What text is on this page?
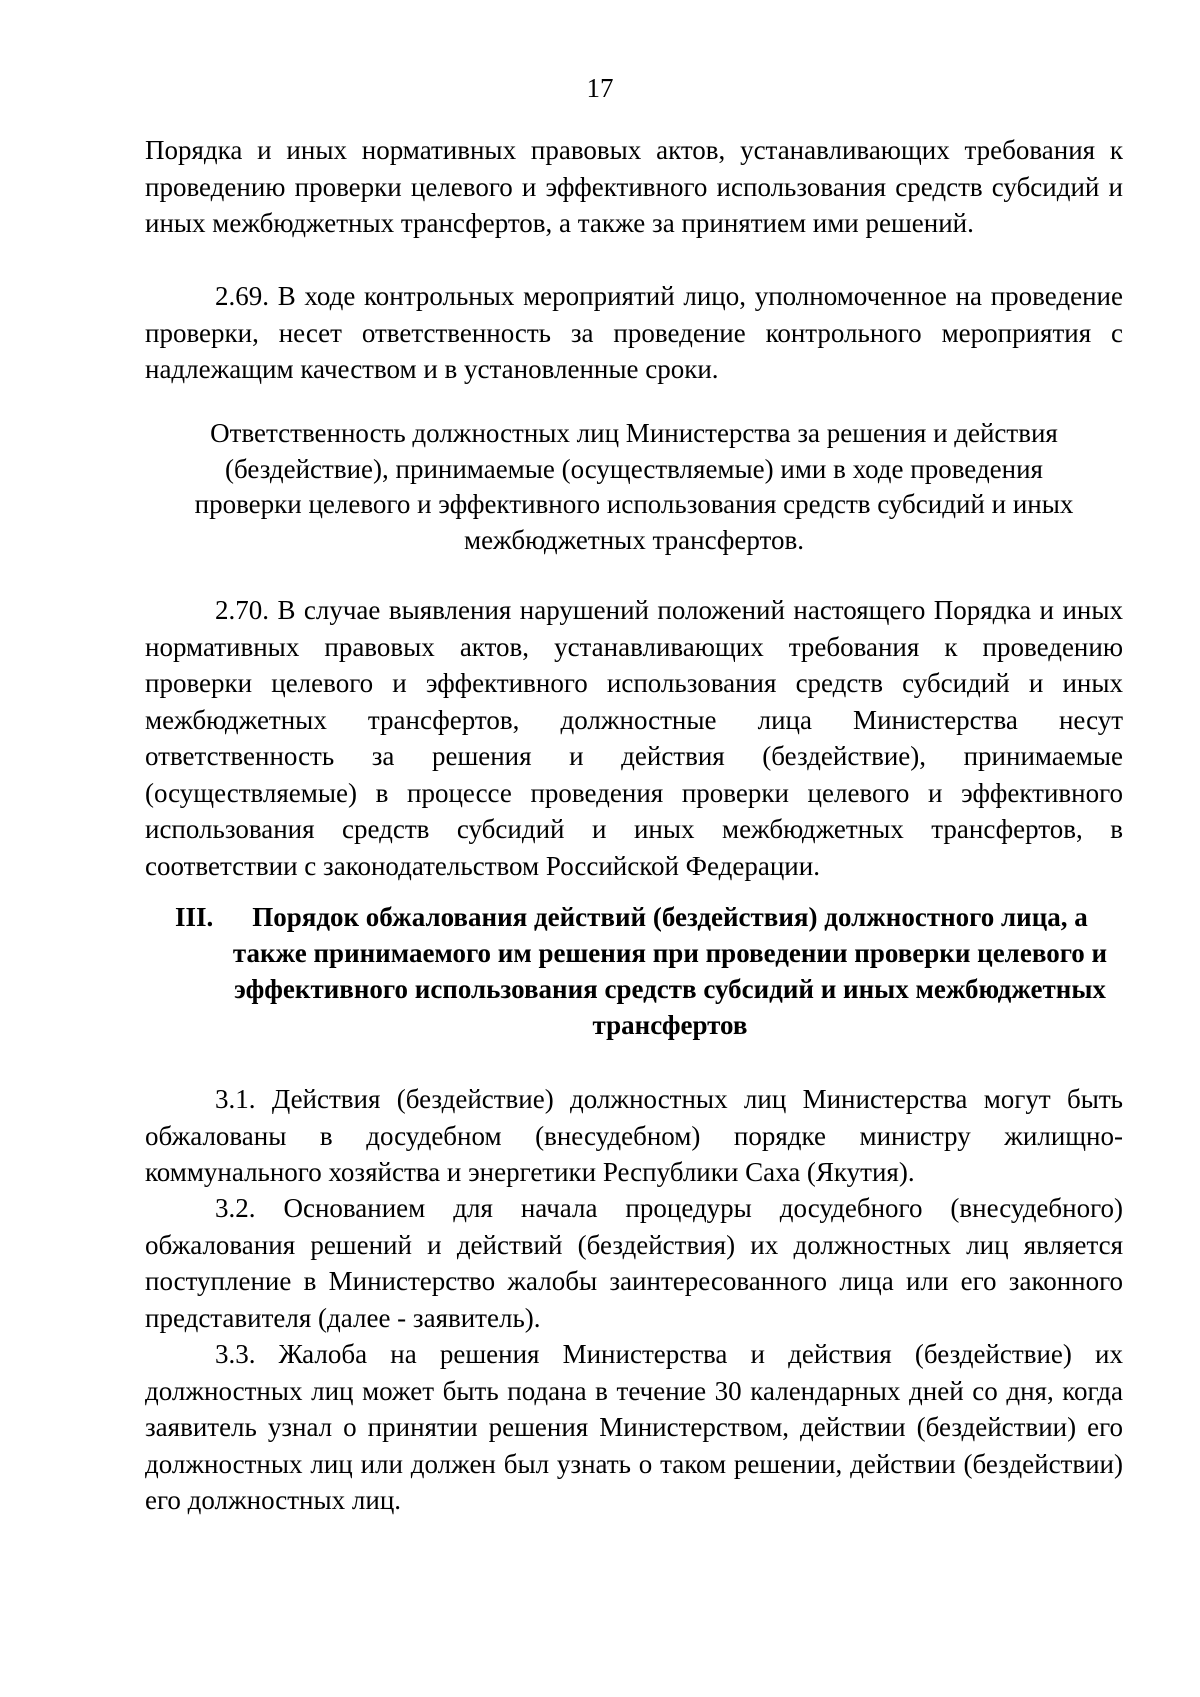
17

Порядка и иных нормативных правовых актов, устанавливающих требования к проведению проверки целевого и эффективного использования средств субсидий и иных межбюджетных трансфертов, а также за принятием ими решений.

2.69. В ходе контрольных мероприятий лицо, уполномоченное на проведение проверки, несет ответственность за проведение контрольного мероприятия с надлежащим качеством и в установленные сроки.

Ответственность должностных лиц Министерства за решения и действия (бездействие), принимаемые (осуществляемые) ими в ходе проведения проверки целевого и эффективного использования средств субсидий и иных межбюджетных трансфертов.

2.70. В случае выявления нарушений положений настоящего Порядка и иных нормативных правовых актов, устанавливающих требования к проведению проверки целевого и эффективного использования средств субсидий и иных межбюджетных трансфертов, должностные лица Министерства несут ответственность за решения и действия (бездействие), принимаемые (осуществляемые) в процессе проведения проверки целевого и эффективного использования средств субсидий и иных межбюджетных трансфертов, в соответствии с законодательством Российской Федерации.

III.	Порядок обжалования действий (бездействия) должностного лица, а также принимаемого им решения при проведении проверки целевого и эффективного использования средств субсидий и иных межбюджетных трансфертов

3.1. Действия (бездействие) должностных лиц Министерства могут быть обжалованы в досудебном (внесудебном) порядке министру жилищно-коммунального хозяйства и энергетики Республики Саха (Якутия).

3.2. Основанием для начала процедуры досудебного (внесудебного) обжалования решений и действий (бездействия) их должностных лиц является поступление в Министерство жалобы заинтересованного лица или его законного представителя (далее - заявитель).

3.3. Жалоба на решения Министерства и действия (бездействие) их должностных лиц может быть подана в течение 30 календарных дней со дня, когда заявитель узнал о принятии решения Министерством, действии (бездействии) его должностных лиц или должен был узнать о таком решении, действии (бездействии) его должностных лиц.
